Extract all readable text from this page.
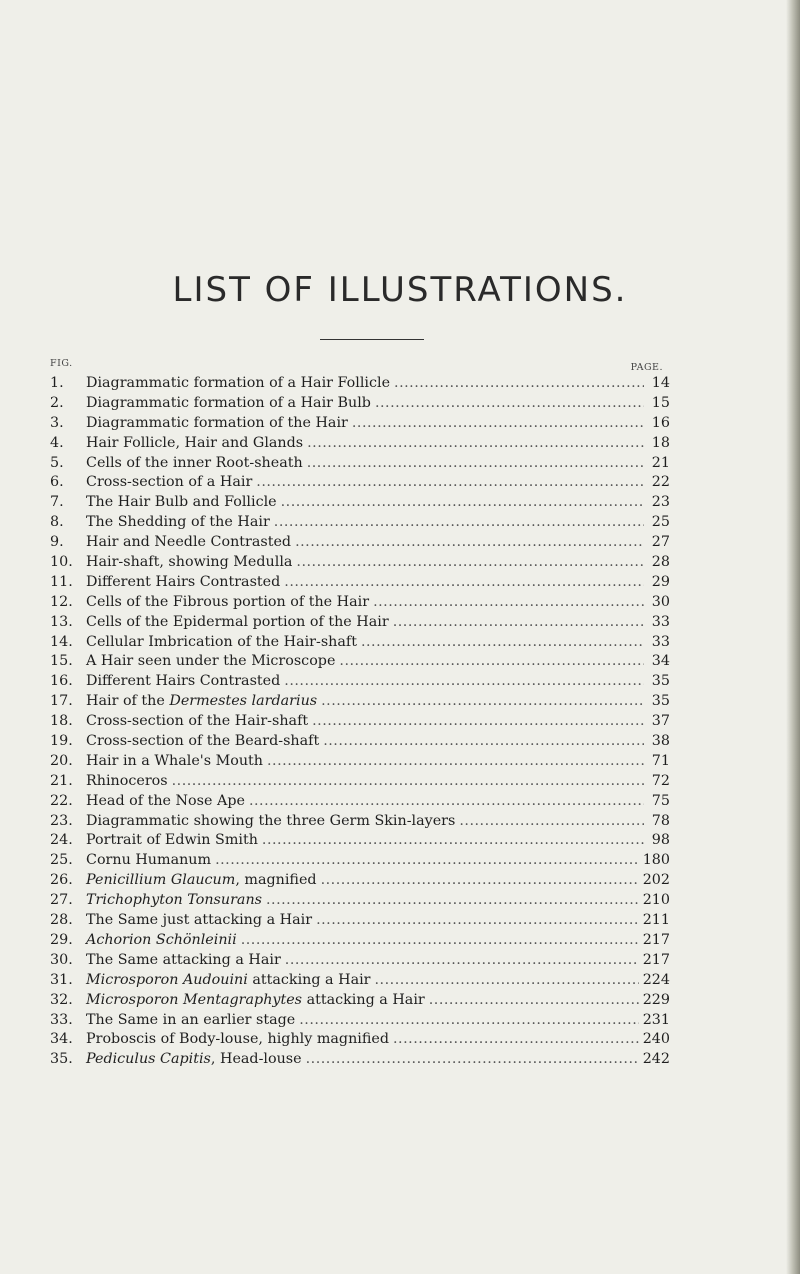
LIST OF ILLUSTRATIONS.
FIG.	PAGE.
1.	Diagrammatic formation of a Hair Follicle .....	14
2.	Diagrammatic formation of a Hair Bulb .....	15
3.	Diagrammatic formation of the Hair .....	16
4.	Hair Follicle, Hair and Glands .....	18
5.	Cells of the inner Root-sheath .....	21
6.	Cross-section of a Hair .....	22
7.	The Hair Bulb and Follicle .....	23
8.	The Shedding of the Hair .....	25
9.	Hair and Needle Contrasted .....	27
10. Hair-shaft, showing Medulla .....	28
11. Different Hairs Contrasted .....	29
12. Cells of the Fibrous portion of the Hair .....	30
13. Cells of the Epidermal portion of the Hair .....	33
14. Cellular Imbrication of the Hair-shaft .....	33
15. A Hair seen under the Microscope .....	34
16. Different Hairs Contrasted .....	35
17. Hair of the Dermestes lardarius .....	35
18. Cross-section of the Hair-shaft .....	37
19. Cross-section of the Beard-shaft .....	38
20. Hair in a Whale's Mouth .....	71
21. Rhinoceros .....	72
22. Head of the Nose Ape .....	75
23. Diagrammatic showing the three Germ Skin-layers .....	78
24. Portrait of Edwin Smith .....	98
25. Cornu Humanum .....	180
26. Penicillium Glaucum, magnified .....	202
27. Trichophyton Tonsurans .....	210
28. The Same just attacking a Hair .....	211
29. Achorion Schönleinii .....	217
30. The Same attacking a Hair .....	217
31. Microsporon Audouini attacking a Hair .....	224
32. Microsporon Mentagraphytes attacking a Hair .....	229
33. The Same in an earlier stage .....	231
34. Proboscis of Body-louse, highly magnified .....	240
35. Pediculus Capitis, Head-louse .....	242
